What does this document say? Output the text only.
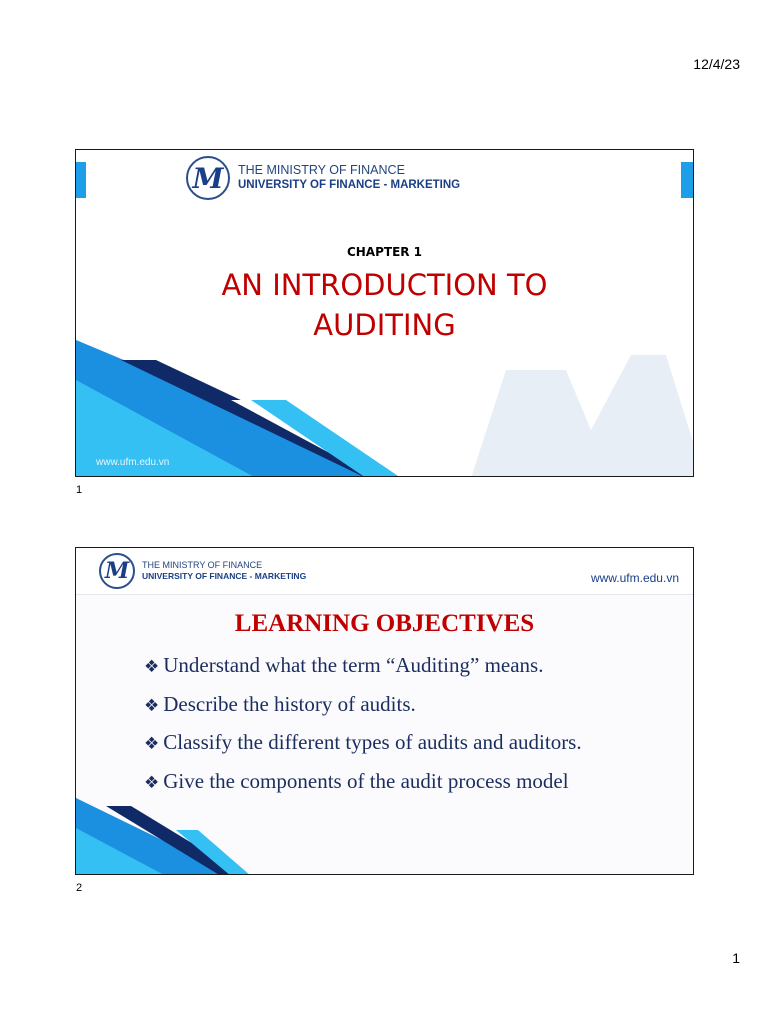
12/4/23
M	THE MINISTRY OF FINANCE
UNIVERSITY OF FINANCE - MARKETING
CHAPTER 1
AN INTRODUCTION TO
AUDITING
www.ufm.edu.vn
1
M	THE MINISTRY OF FINANCE
UNIVERSITY OF FINANCE - MARKETING	www.ufm.edu.vn
LEARNING OBJECTIVES
❖ Understand what the term “Auditing” means.
❖ Describe the history of audits.
❖ Classify the different types of audits and auditors.
❖ Give the components of the audit process model
2
1
